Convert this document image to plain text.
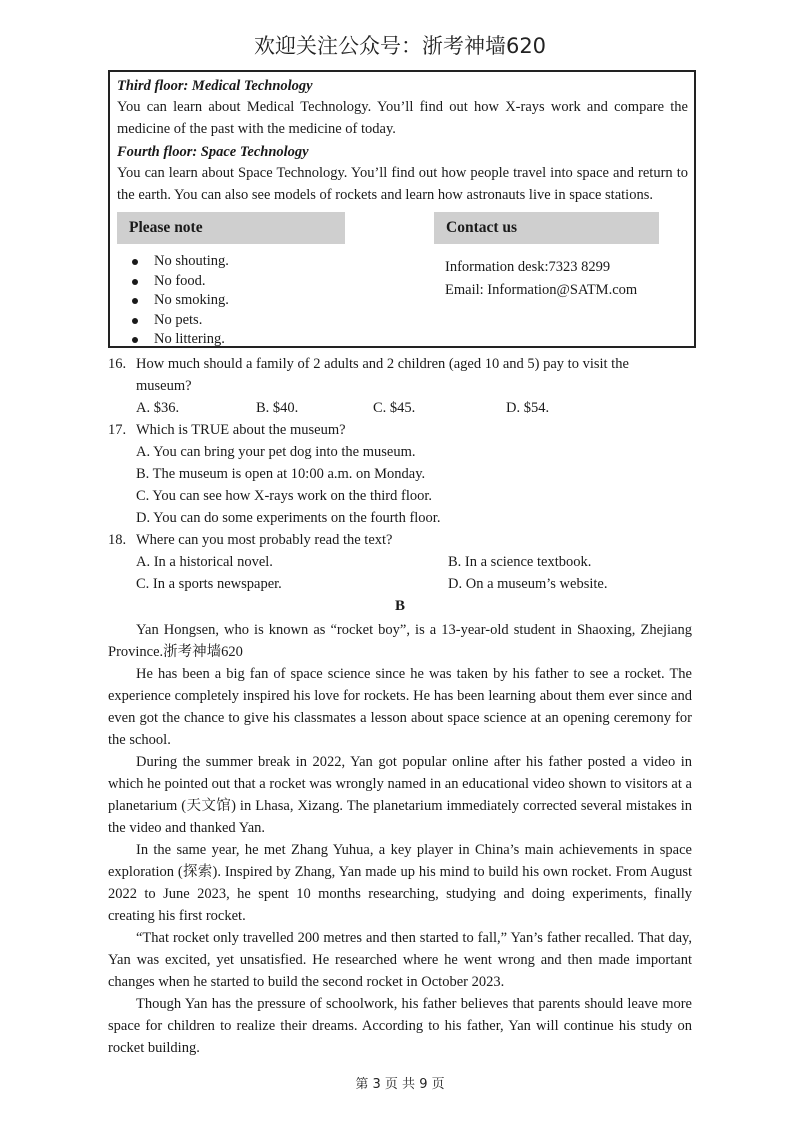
欢迎关注公众号：浙考神墙620
Third floor: Medical Technology
You can learn about Medical Technology. You’ll find out how X-rays work and compare the medicine of the past with the medicine of today.
Fourth floor: Space Technology
You can learn about Space Technology. You’ll find out how people travel into space and return to the earth. You can also see models of rockets and learn how astronauts live in space stations.
Please note	Contact us
No shouting.
No food.
No smoking.
No pets.
No littering.
Information desk:7323 8299
Email: Information@SATM.com
16. How much should a family of 2 adults and 2 children (aged 10 and 5) pay to visit the
museum?
A. $36.	B. $40.	C. $45.	D. $54.
17. Which is TRUE about the museum?
A. You can bring your pet dog into the museum.
B. The museum is open at 10:00 a.m. on Monday.
C. You can see how X-rays work on the third floor.
D. You can do some experiments on the fourth floor.
18. Where can you most probably read the text?
A. In a historical novel.	B. In a science textbook.
C. In a sports newspaper.	D. On a museum’s website.
B

Yan Hongsen, who is known as “rocket boy”, is a 13-year-old student in Shaoxing, Zhejiang Province.浙考神墙620

He has been a big fan of space science since he was taken by his father to see a rocket. The experience completely inspired his love for rockets. He has been learning about them ever since and even got the chance to give his classmates a lesson about space science at an opening ceremony for the school.

During the summer break in 2022, Yan got popular online after his father posted a video in which he pointed out that a rocket was wrongly named in an educational video shown to visitors at a planetarium (天文馆) in Lhasa, Xizang. The planetarium immediately corrected several mistakes in the video and thanked Yan.

In the same year, he met Zhang Yuhua, a key player in China’s main achievements in space exploration (探索). Inspired by Zhang, Yan made up his mind to build his own rocket. From August 2022 to June 2023, he spent 10 months researching, studying and doing experiments, finally creating his first rocket.

“That rocket only travelled 200 metres and then started to fall,” Yan’s father recalled. That day, Yan was excited, yet unsatisfied. He researched where he went wrong and then made important changes when he started to build the second rocket in October 2023.

Though Yan has the pressure of schoolwork, his father believes that parents should leave more space for children to realize their dreams. According to his father, Yan will continue his study on rocket building.

第 3 页 共 9 页
